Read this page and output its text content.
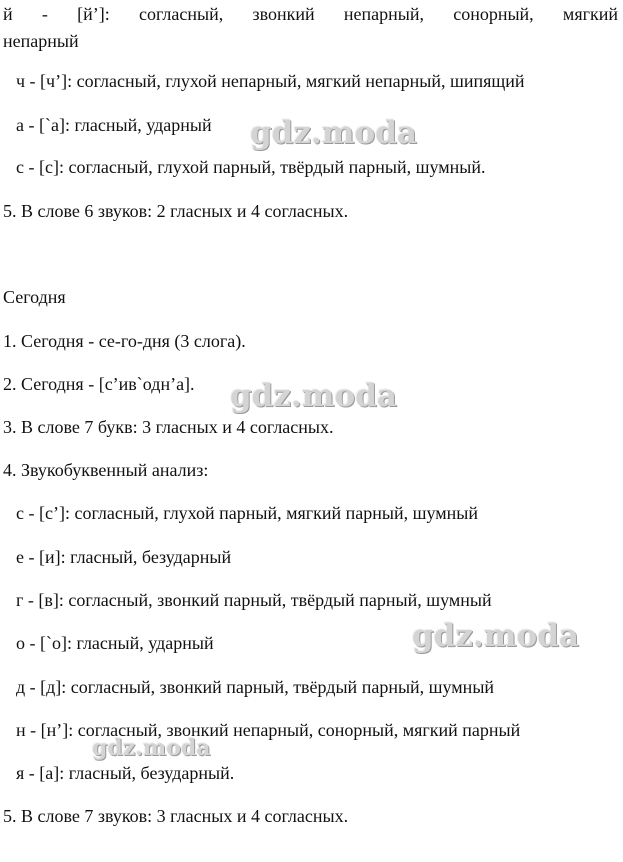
й - [й’]: согласный, звонкий непарный, сонорный, мягкий
непарный
ч - [ч’]: согласный, глухой непарный, мягкий непарный, шипящий
а - [`а]: гласный, ударный
с - [с]: согласный, глухой парный, твёрдый парный, шумный.
5. В слове 6 звуков: 2 гласных и 4 согласных.
Сегодня
1. Сегодня - се-го-дня (3 слога).
2. Сегодня - [с’ив`одн’а].
3. В слове 7 букв: 3 гласных и 4 согласных.
4. Звукобуквенный анализ:
с - [с’]: согласный, глухой парный, мягкий парный, шумный
е - [и]: гласный, безударный
г - [в]: согласный, звонкий парный, твёрдый парный, шумный
о - [`о]: гласный, ударный
д - [д]: согласный, звонкий парный, твёрдый парный, шумный
н - [н’]: согласный, звонкий непарный, сонорный, мягкий парный
я - [а]: гласный, безударный.
5. В слове 7 звуков: 3 гласных и 4 согласных.
gdz.moda
gdz.moda
gdz.moda
gdz.moda
